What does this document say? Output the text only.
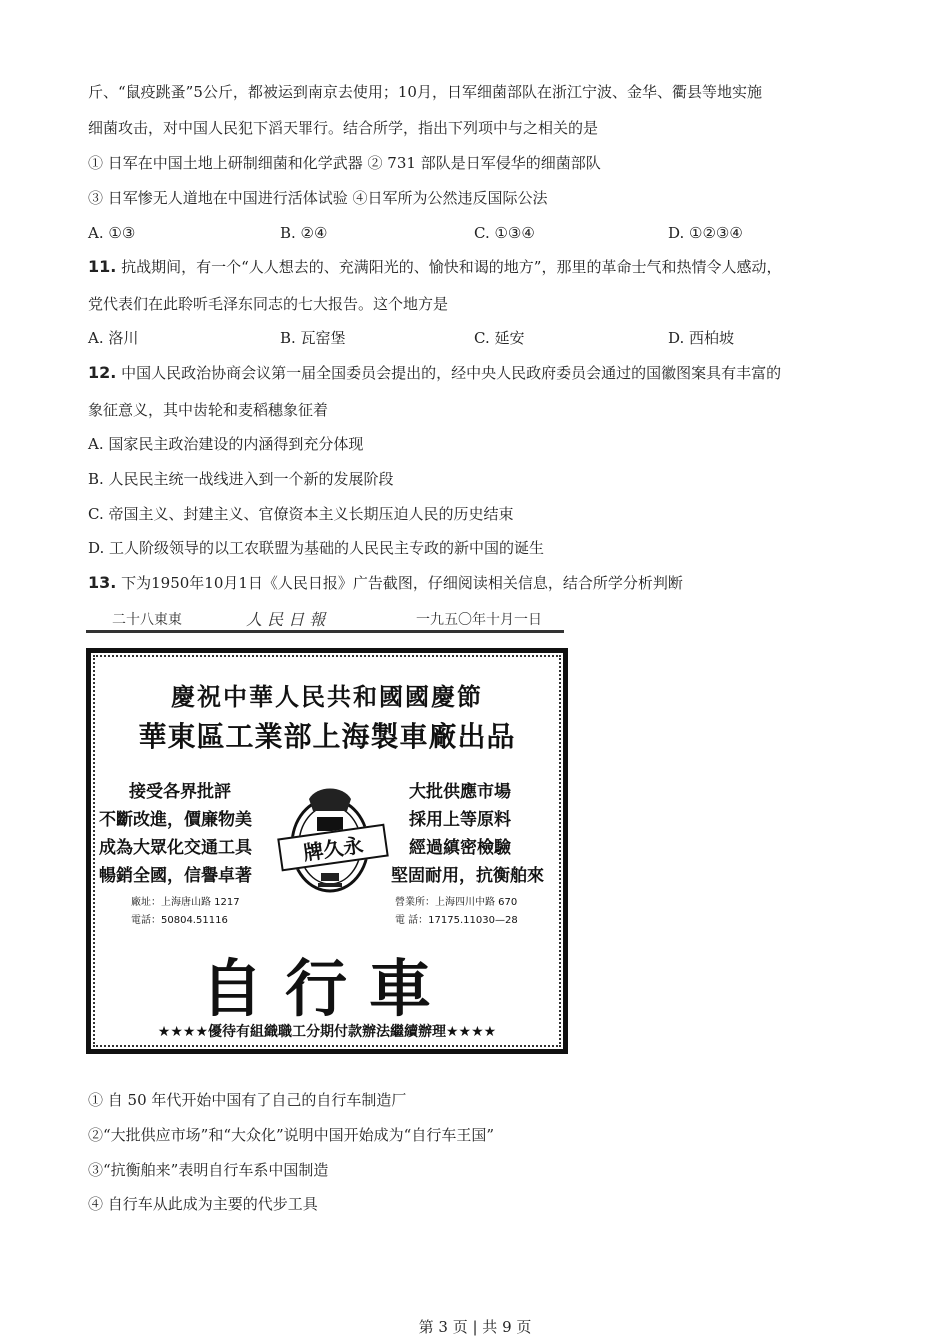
斤、“鼠疫跳蚤”5公斤，都被运到南京去使用；10月，日军细菌部队在浙江宁波、金华、衢县等地实施
细菌攻击，对中国人民犯下滔天罪行。结合所学，指出下列项中与之相关的是
① 日军在中国土地上研制细菌和化学武器 ② 731 部队是日军侵华的细菌部队
③ 日军惨无人道地在中国进行活体试验 ④日军所为公然违反国际公法
A. ①③	B. ②④	C. ①③④	D. ①②③④
11. 抗战期间，有一个“人人想去的、充满阳光的、愉快和谒的地方”，那里的革命士气和热情令人感动，
党代表们在此聆听毛泽东同志的七大报告。这个地方是
A. 洛川	B. 瓦窑堡	C. 延安	D. 西柏坡
12. 中国人民政治协商会议第一届全国委员会提出的，经中央人民政府委员会通过的国徽图案具有丰富的
象征意义，其中齿轮和麦稻穗象征着
A. 国家民主政治建设的内涵得到充分体现
B. 人民民主统一战线进入到一个新的发展阶段
C. 帝国主义、封建主义、官僚资本主义长期压迫人民的历史结束
D. 工人阶级领导的以工农联盟为基础的人民民主专政的新中国的诞生
13. 下为1950年10月1日《人民日报》广告截图，仔细阅读相关信息，结合所学分析判断
二十八東東	人 民 日 報	一九五〇年十月一日
慶祝中華人民共和國國慶節
華東區工業部上海製車廠出品
接受各界批評
不斷改進，價廉物美
成為大眾化交通工具
暢銷全國，信譽卓著
廠址：上海唐山路 1217
電話：50804.51116
大批供應市場
採用上等原料
經過縝密檢驗
堅固耐用，抗衡舶來
營業所：上海四川中路 670
電 話：17175.11030—28
牌久永
自行車
★★★★優待有組織職工分期付款辦法繼續辦理★★★★
① 自 50 年代开始中国有了自己的自行车制造厂
②“大批供应市场”和“大众化”说明中国开始成为“自行车王国”
③“抗衡舶来”表明自行车系中国制造
④ 自行车从此成为主要的代步工具
第 3 页 | 共 9 页
